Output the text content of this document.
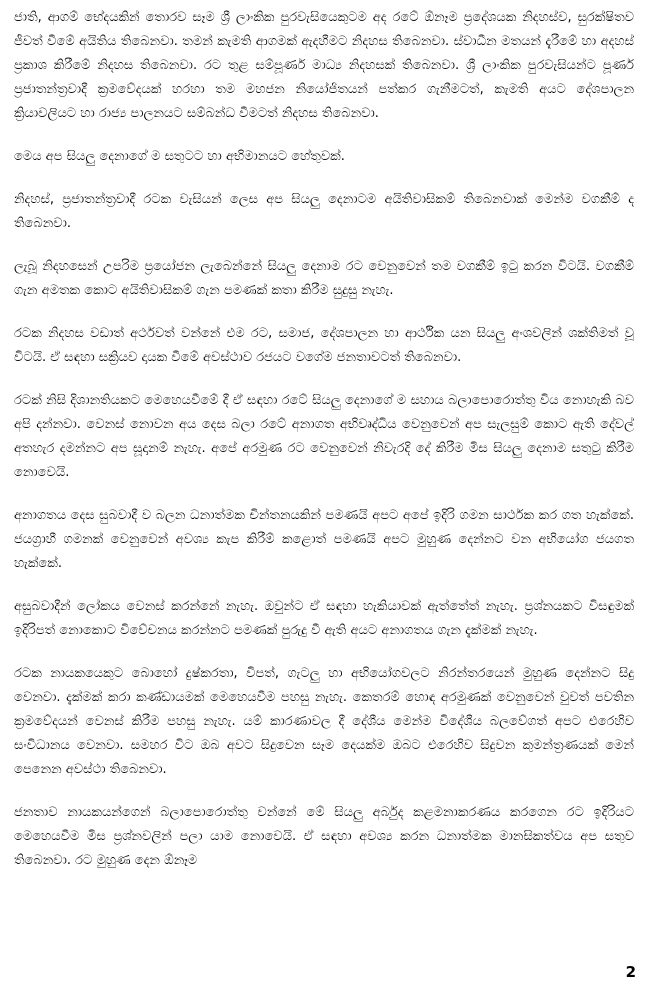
ජාති, ආගම් භේදයකින් තොරව සෑම ශ්‍රී ලාංකික පුරවැසියෙකුටම අද රටේ ඕනෑම ප්‍රදේශයක නිදහස්ව, සුරක්ෂිතව ජීවත් වීමේ අයිතිය තිබෙනවා. තමන් කැමති ආගමක් ඇදහීමට නිදහස තිබෙනවා. ස්වාධීන මතයන් දැරීමේ හා අදහස් ප්‍රකාශ කිරීමේ නිදහස තිබෙනවා. රට තුළ සම්පූර්ණ මාධ්‍ය නිදහසක් තිබෙනවා. ශ්‍රී ලාංකික පුරවැසියන්ට පූර්ණ ප්‍රජාතන්ත්‍රවාදී ක්‍රමවේදයක් හරහා තම මහජන නියෝජිතයන් පත්කර ගැනීමටත්, කැමති අයට දේශපාලන ක්‍රියාවලියට හා රාජ්‍ය පාලනයට සම්බන්ධ වීමටත් නිදහස තිබෙනවා.

මෙය අප සියලු දෙනාගේ ම සතුටට හා අභිමානයට හේතුවක්.

නිදහස්, ප්‍රජාතන්ත්‍රවාදී රටක වැසියන් ලෙස අප සියලු දෙනාටම අයිතිවාසිකම් තිබෙනවාක් මෙන්ම වගකීම් ද තිබෙනවා.

ලැබූ නිදහසෙන් උපරිම ප්‍රයෝජන ලැබෙන්නේ සියලු දෙනාම රට වෙනුවෙන් තම වගකීම් ඉටු කරන විටයි. වගකීම් ගැන අමතක කොට අයිතිවාසිකම් ගැන පමණක් කතා කිරීම සුදුසු නැහැ.

රටක නිදහස වඩාත් අර්ථවත් වන්නේ එම රට, සමාජ, දේශපාලන හා ආර්ථික යන සියලු අංශවලින් ශක්තිමත් වූ විටයි. ඒ සඳහා සක්‍රියව දායක වීමේ අවස්ථාව රජයට වගේම ජනතාවටත් තිබෙනවා.

රටක් නිසි දිශානතියකට මෙහෙයවීමේ දී ඒ සඳහා රටේ සියලු දෙනාගේ ම සහාය බලාපොරොත්තු විය නොහැකි බව අපි දන්නවා. වෙනස් නොවන අය දෙස බලා රටේ අනාගත අභිවෘද්ධිය වෙනුවෙන් අප සැලසුම් කොට ඇති දේවල් අතහැර දමන්නට අප සූදානම් නැහැ. අපේ අරමුණ රට වෙනුවෙන් නිවැරදි දේ කිරීම මිස සියලු දෙනාම සතුටු කිරීම නොවෙයි.

අනාගතය දෙස සුබවාදී ව බලන ධනාත්මක චින්තනයකින් පමණයි අපට අපේ ඉදිරි ගමන සාර්ථක කර ගත හැක්කේ. ජයග්‍රාහී ගමනක් වෙනුවෙන් අවශ්‍ය කැප කිරීම් කළොත් පමණයි අපට මුහුණ දෙන්නට වන අභියෝග ජයගත හැක්කේ.

අසුබවාදීන් ලෝකය වෙනස් කරන්නේ නැහැ. ඔවුන්ට ඒ සඳහා හැකියාවක් ඇත්තේත් නැහැ. ප්‍රශ්නයකට විසඳුමක් ඉදිරිපත් නොකොට විවේචනය කරන්නට පමණක් පුරුදු වී ඇති අයට අනාගතය ගැන දැක්මක් නැහැ.

රටක නායකයෙකුට බොහෝ දුෂ්කරතා, විපත්, ගැටලු හා අභියෝගවලට නිරන්තරයෙන් මුහුණ දෙන්නට සිදු වෙනවා. දැක්මක් කරා කණ්ඩායමක් මෙහෙයවීම පහසු නැහැ. කෙතරම් හොඳ අරමුණක් වෙනුවෙන් වුවත් පවතින ක්‍රමවේදයන් වෙනස් කිරීම පහසු නැහැ. යම් කාරණාවල දී දේශීය මෙන්ම විදේශීය බලවේගත් අපට එරෙහිව සංවිධානය වෙනවා. සමහර විට ඔබ අවට සිදුවෙන සෑම දෙයක්ම ඔබට එරෙහිව සිදුවන කුමන්ත්‍රණයක් මෙන් පෙනෙන අවස්ථා තිබෙනවා.

ජනතාව නායකයන්ගෙන් බලාපොරොත්තු වන්නේ මේ සියලු අර්බුද කළමනාකරණය කරගෙන රට ඉදිරියට මෙහෙයවීම මිස ප්‍රශ්නවලින් පලා යාම නොවෙයි. ඒ සඳහා අවශ්‍ය කරන ධනාත්මක මානසිකත්වය අප සතුව තිබෙනවා. රට මුහුණ දෙන ඕනෑම

2
